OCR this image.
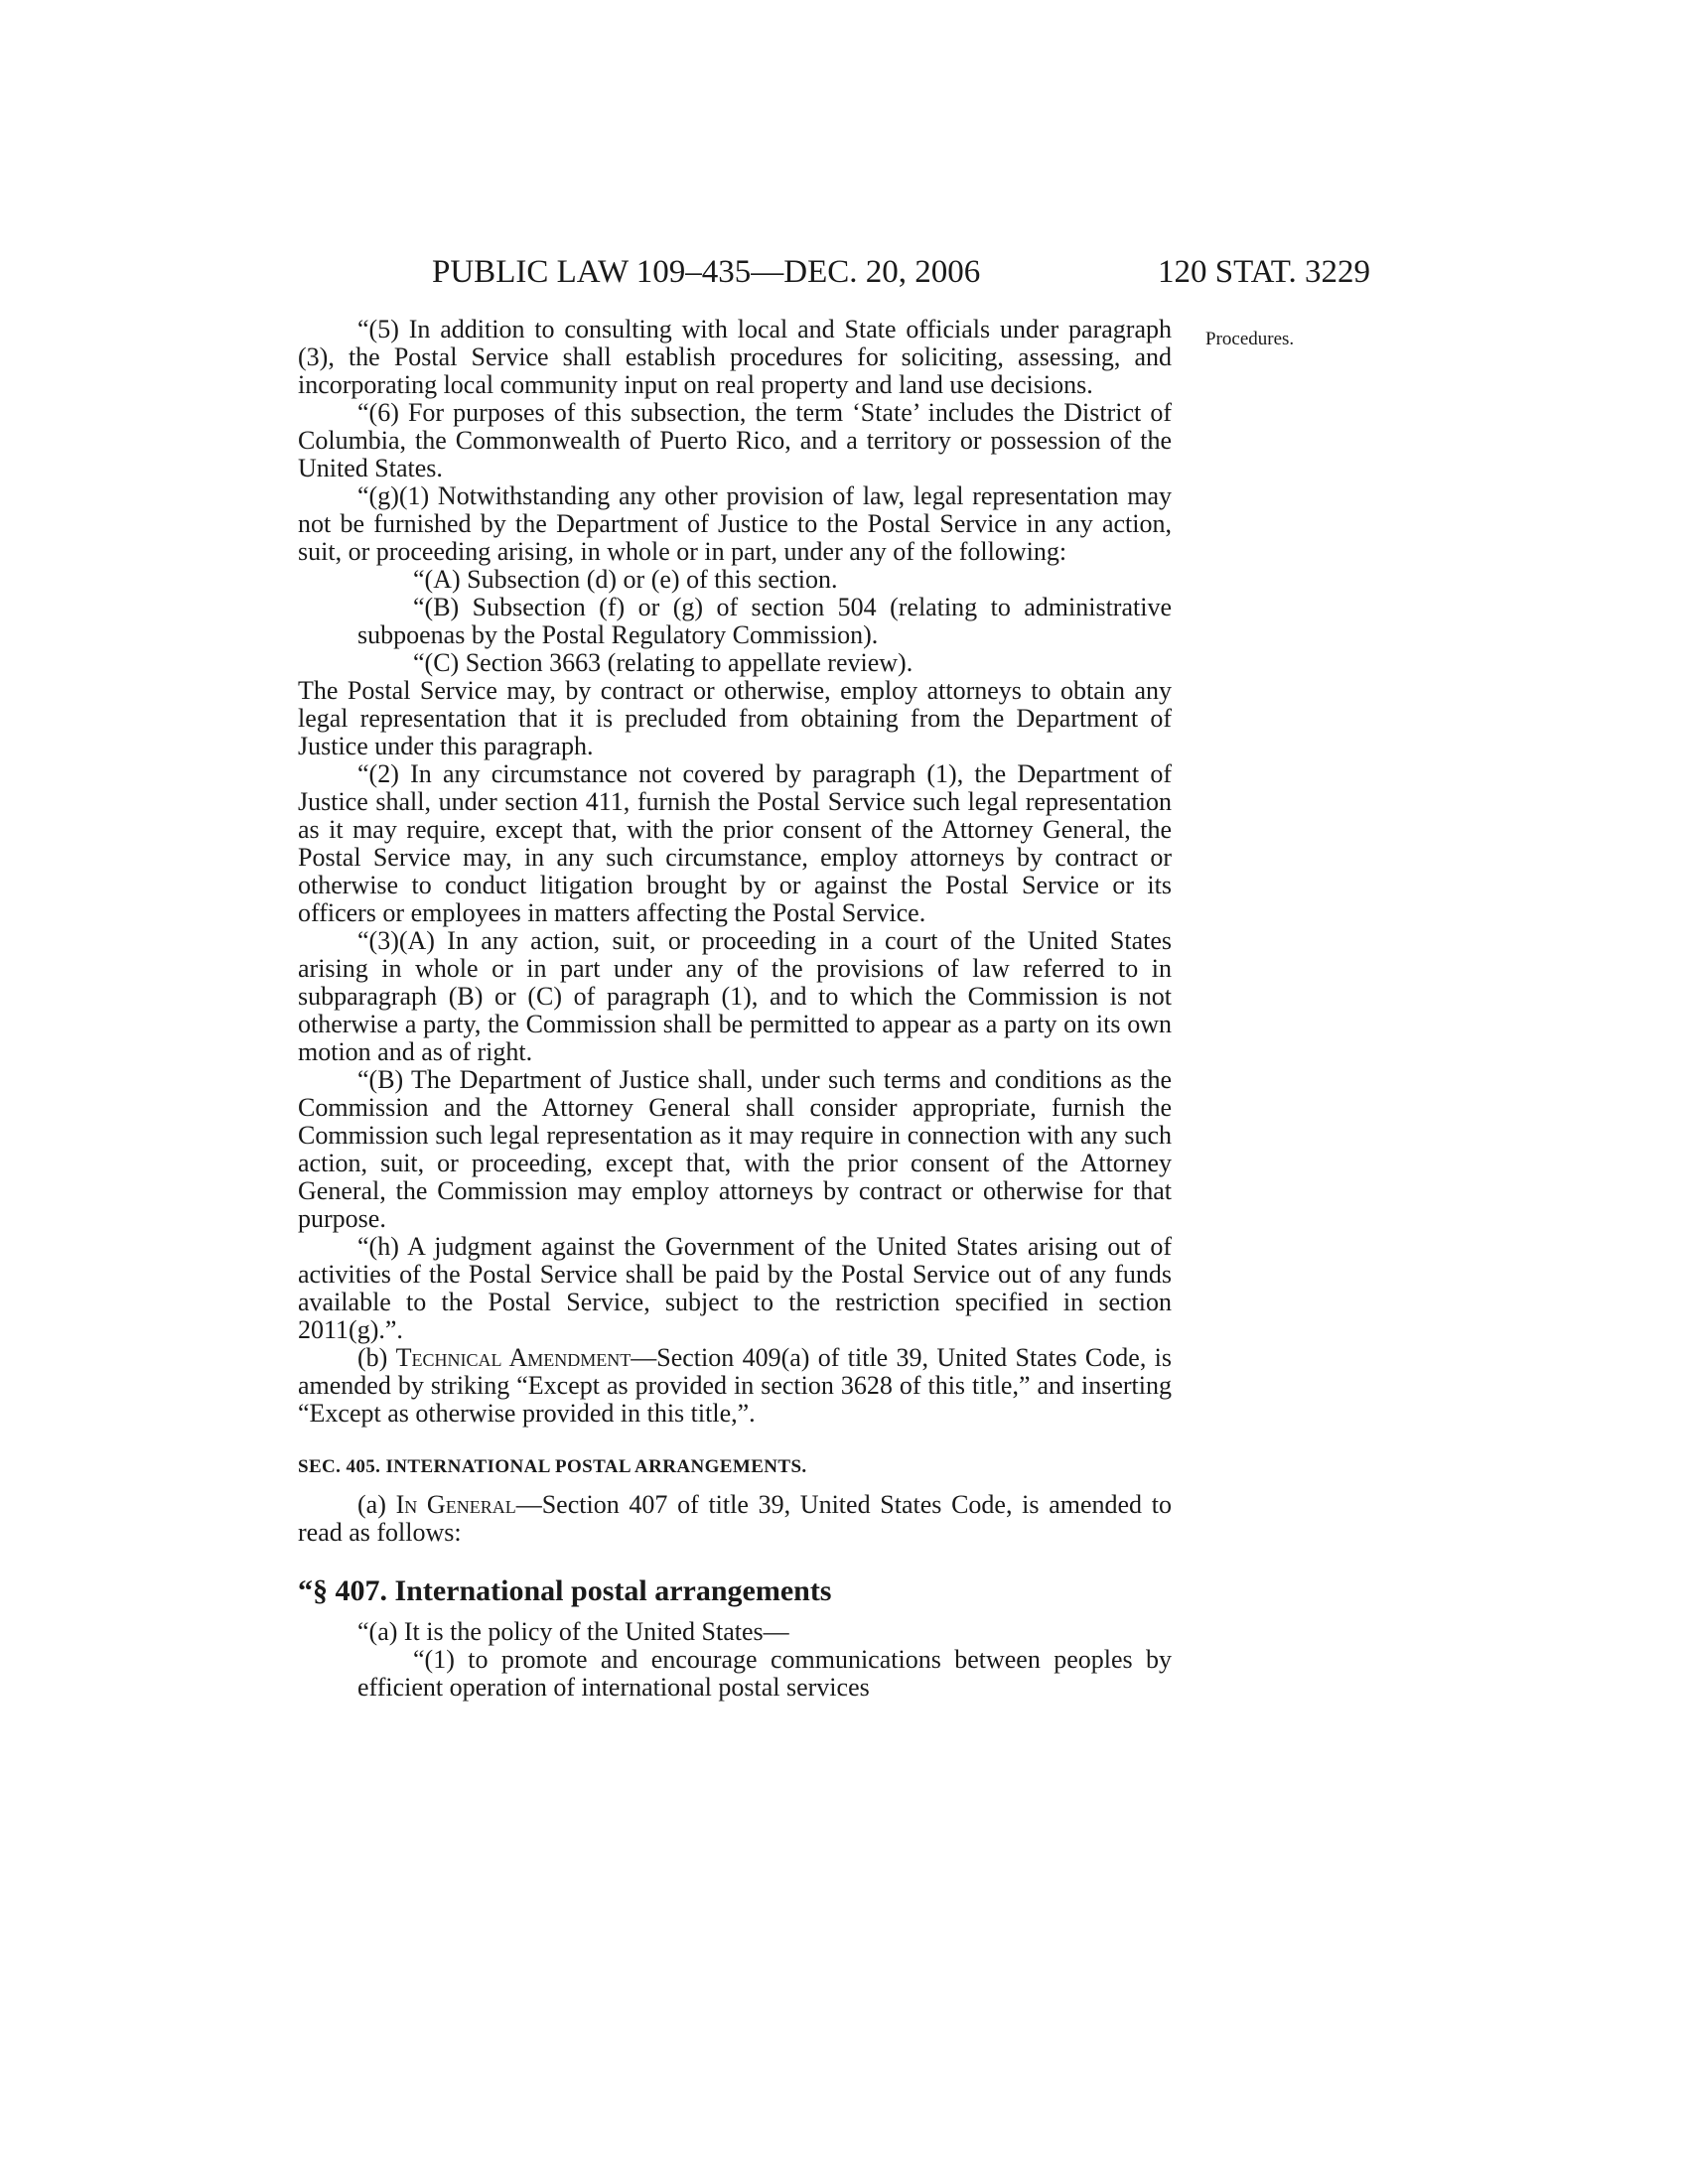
PUBLIC LAW 109–435—DEC. 20, 2006	120 STAT. 3229
Procedures.

“(5) In addition to consulting with local and State officials under paragraph (3), the Postal Service shall establish procedures for soliciting, assessing, and incorporating local community input on real property and land use decisions.

“(6) For purposes of this subsection, the term ‘State’ includes the District of Columbia, the Commonwealth of Puerto Rico, and a territory or possession of the United States.

“(g)(1) Notwithstanding any other provision of law, legal representation may not be furnished by the Department of Justice to the Postal Service in any action, suit, or proceeding arising, in whole or in part, under any of the following:

“(A) Subsection (d) or (e) of this section.

“(B) Subsection (f) or (g) of section 504 (relating to administrative subpoenas by the Postal Regulatory Commission).

“(C) Section 3663 (relating to appellate review).

The Postal Service may, by contract or otherwise, employ attorneys to obtain any legal representation that it is precluded from obtaining from the Department of Justice under this paragraph.

“(2) In any circumstance not covered by paragraph (1), the Department of Justice shall, under section 411, furnish the Postal Service such legal representation as it may require, except that, with the prior consent of the Attorney General, the Postal Service may, in any such circumstance, employ attorneys by contract or otherwise to conduct litigation brought by or against the Postal Service or its officers or employees in matters affecting the Postal Service.

“(3)(A) In any action, suit, or proceeding in a court of the United States arising in whole or in part under any of the provisions of law referred to in subparagraph (B) or (C) of paragraph (1), and to which the Commission is not otherwise a party, the Commission shall be permitted to appear as a party on its own motion and as of right.

“(B) The Department of Justice shall, under such terms and conditions as the Commission and the Attorney General shall consider appropriate, furnish the Commission such legal representation as it may require in connection with any such action, suit, or proceeding, except that, with the prior consent of the Attorney General, the Commission may employ attorneys by contract or otherwise for that purpose.

“(h) A judgment against the Government of the United States arising out of activities of the Postal Service shall be paid by the Postal Service out of any funds available to the Postal Service, subject to the restriction specified in section 2011(g).”.

(b) Technical Amendment—Section 409(a) of title 39, United States Code, is amended by striking “Except as provided in section 3628 of this title,” and inserting “Except as otherwise provided in this title,”.

SEC. 405. INTERNATIONAL POSTAL ARRANGEMENTS.

(a) In General—Section 407 of title 39, United States Code, is amended to read as follows:

“§ 407. International postal arrangements

“(a) It is the policy of the United States—

“(1) to promote and encourage communications between peoples by efficient operation of international postal services
